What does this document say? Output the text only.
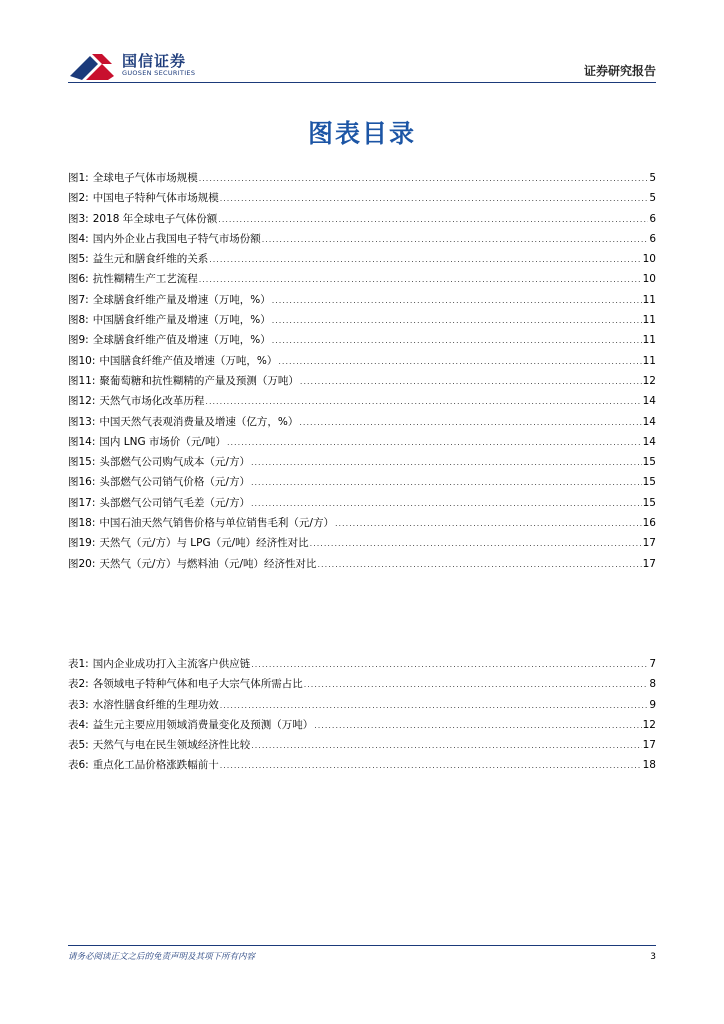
国信证券
GUOSEN SECURITIES	证券研究报告
图表目录
图1: 全球电子气体市场规模 .....	5
图2: 中国电子特种气体市场规模 .....	5
图3: 2018 年全球电子气体份额 .....	6
图4: 国内外企业占我国电子特气市场份额 .....	6
图5: 益生元和膳食纤维的关系 .....	10
图6: 抗性糊精生产工艺流程 .....	10
图7: 全球膳食纤维产量及增速（万吨，%） .....	11
图8: 中国膳食纤维产量及增速（万吨，%） .....	11
图9: 全球膳食纤维产值及增速（万吨，%） .....	11
图10: 中国膳食纤维产值及增速（万吨，%） .....	11
图11: 聚葡萄糖和抗性糊精的产量及预测（万吨） .....	12
图12: 天然气市场化改革历程 .....	14
图13: 中国天然气表观消费量及增速（亿方，%） .....	14
图14: 国内 LNG 市场价（元/吨） .....	14
图15: 头部燃气公司购气成本（元/方） .....	15
图16: 头部燃气公司销气价格（元/方） .....	15
图17: 头部燃气公司销气毛差（元/方） .....	15
图18: 中国石油天然气销售价格与单位销售毛利（元/方） .....	16
图19: 天然气（元/方）与 LPG（元/吨）经济性对比 .....	17
图20: 天然气（元/方）与燃料油（元/吨）经济性对比 .....	17
表1: 国内企业成功打入主流客户供应链 .....	7
表2: 各领域电子特种气体和电子大宗气体所需占比 .....	8
表3: 水溶性膳食纤维的生理功效 .....	9
表4: 益生元主要应用领域消费量变化及预测（万吨） .....	12
表5: 天然气与电在民生领域经济性比较 .....	17
表6: 重点化工品价格涨跌幅前十 .....	18
请务必阅读正文之后的免责声明及其项下所有内容	3
